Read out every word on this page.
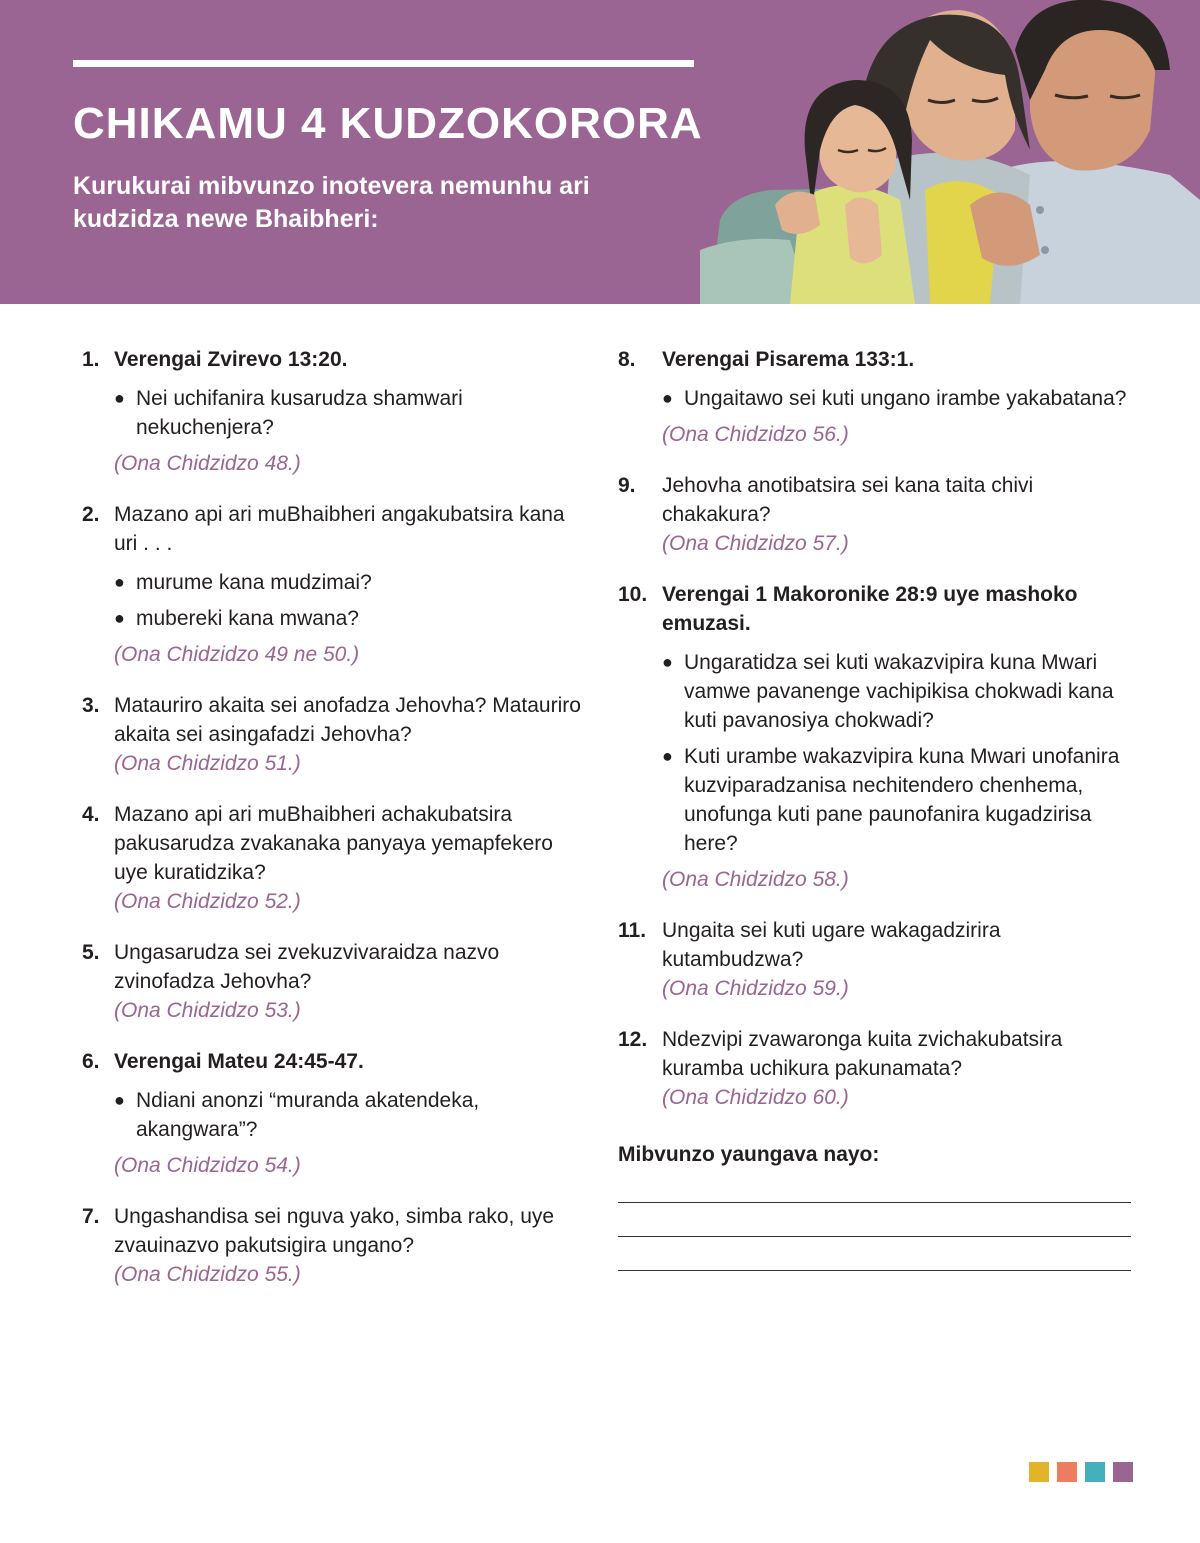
CHIKAMU 4 KUDZOKORORA

Kurukurai mibvunzo inotevera nemunhu ari kudzidza newe Bhaibheri:

1. Verengai Zvirevo 13:20.
● Nei uchifanira kusarudza shamwari nekuchenjera?
(Ona Chidzidzo 48.)
2. Mazano api ari muBhaibheri angakubatsira kana uri . . .
● murume kana mudzimai?
● mubereki kana mwana?
(Ona Chidzidzo 49 ne 50.)
3. Matauriro akaita sei anofadza Jehovha? Matauriro akaita sei asingafadzi Jehovha?
(Ona Chidzidzo 51.)
4. Mazano api ari muBhaibheri achakubatsira pakusarudza zvakanaka panyaya yemapfekero uye kuratidzika?
(Ona Chidzidzo 52.)
5. Ungasarudza sei zvekuzvivaraidza nazvo zvinofadza Jehovha?
(Ona Chidzidzo 53.)
6. Verengai Mateu 24:45-47.
● Ndiani anonzi “muranda akatendeka, akangwara”?
(Ona Chidzidzo 54.)
7. Ungashandisa sei nguva yako, simba rako, uye zvauinazvo pakutsigira ungano?
(Ona Chidzidzo 55.)
8.	Verengai Pisarema 133:1.
● Ungaitawo sei kuti ungano irambe yakabatana?
(Ona Chidzidzo 56.)
9.	Jehovha anotibatsira sei kana taita chivi chakakura?
(Ona Chidzidzo 57.)
10. Verengai 1 Makoronike 28:9 uye mashoko emuzasi.
● Ungaratidza sei kuti wakazvipira kuna Mwari vamwe pavanenge vachipikisa chokwadi kana kuti pavanosiya chokwadi?
● Kuti urambe wakazvipira kuna Mwari unofanira kuzviparadzanisa nechitendero chenhema, unofunga kuti pane paunofanira kugadzirisa here?
(Ona Chidzidzo 58.)
11. Ungaita sei kuti ugare wakagadzirira kutambudzwa?
(Ona Chidzidzo 59.)
12. Ndezvipi zvawaronga kuita zvichakubatsira kuramba uchikura pakunamata?
(Ona Chidzidzo 60.)
Mibvunzo yaungava nayo:
